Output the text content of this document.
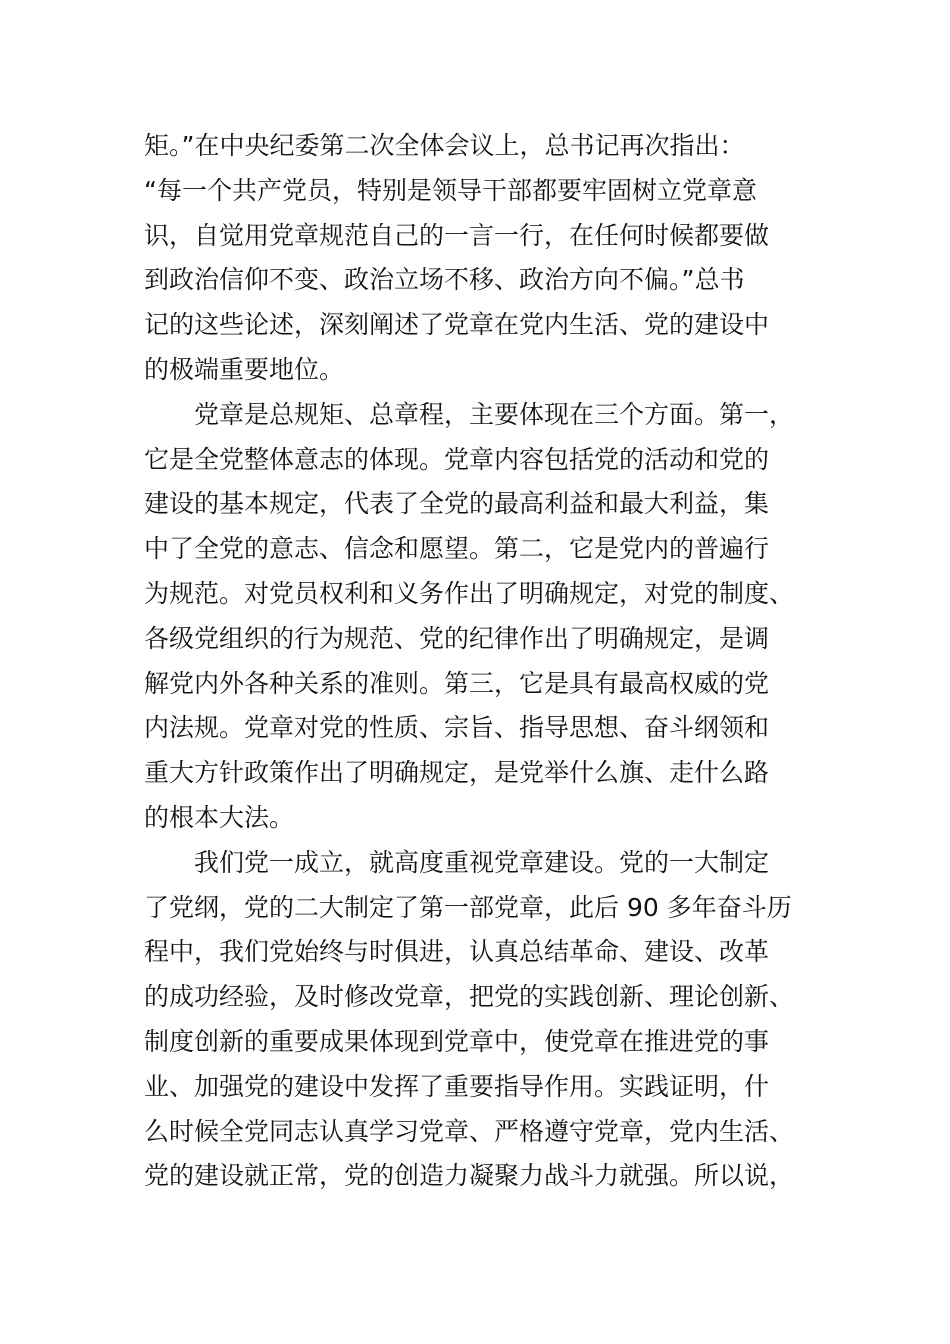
矩。”在中央纪委第二次全体会议上，总书记再次指出：
“每一个共产党员，特别是领导干部都要牢固树立党章意
识，自觉用党章规范自己的一言一行，在任何时候都要做
到政治信仰不变、政治立场不移、政治方向不偏。”总书
记的这些论述，深刻阐述了党章在党内生活、党的建设中
的极端重要地位。
党章是总规矩、总章程，主要体现在三个方面。第一，
它是全党整体意志的体现。党章内容包括党的活动和党的
建设的基本规定，代表了全党的最高利益和最大利益，集
中了全党的意志、信念和愿望。第二，它是党内的普遍行
为规范。对党员权利和义务作出了明确规定，对党的制度、
各级党组织的行为规范、党的纪律作出了明确规定，是调
解党内外各种关系的准则。第三，它是具有最高权威的党
内法规。党章对党的性质、宗旨、指导思想、奋斗纲领和
重大方针政策作出了明确规定，是党举什么旗、走什么路
的根本大法。
我们党一成立，就高度重视党章建设。党的一大制定
了党纲，党的二大制定了第一部党章，此后 90 多年奋斗历
程中，我们党始终与时俱进，认真总结革命、建设、改革
的成功经验，及时修改党章，把党的实践创新、理论创新、
制度创新的重要成果体现到党章中，使党章在推进党的事
业、加强党的建设中发挥了重要指导作用。实践证明，什
么时候全党同志认真学习党章、严格遵守党章，党内生活、
党的建设就正常，党的创造力凝聚力战斗力就强。所以说，
